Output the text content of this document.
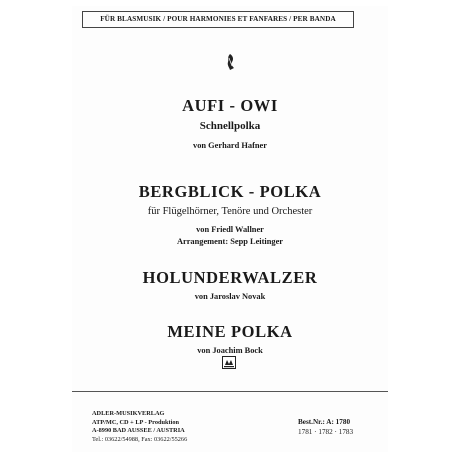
FÜR BLASMUSIK / POUR HARMONIES ET FANFARES / PER BANDA
AUFI - OWI
Schnellpolka
von Gerhard Hafner
BERGBLICK - POLKA
für Flügelhörner, Tenöre und Orchester
von Friedl Wallner
Arrangement: Sepp Leitinger
HOLUNDERWALZER
von Jaroslav Novak
MEINE POLKA
von Joachim Bock
ADLER-MUSIKVERLAG
ATP/MC, CD + LP - Produktion
A-8990 BAD AUSSEE / AUSTRIA
Tel.: 03622/54988, Fax: 03622/55266
Best.Nr.: A: 1780
1781 · 1782 · 1783
